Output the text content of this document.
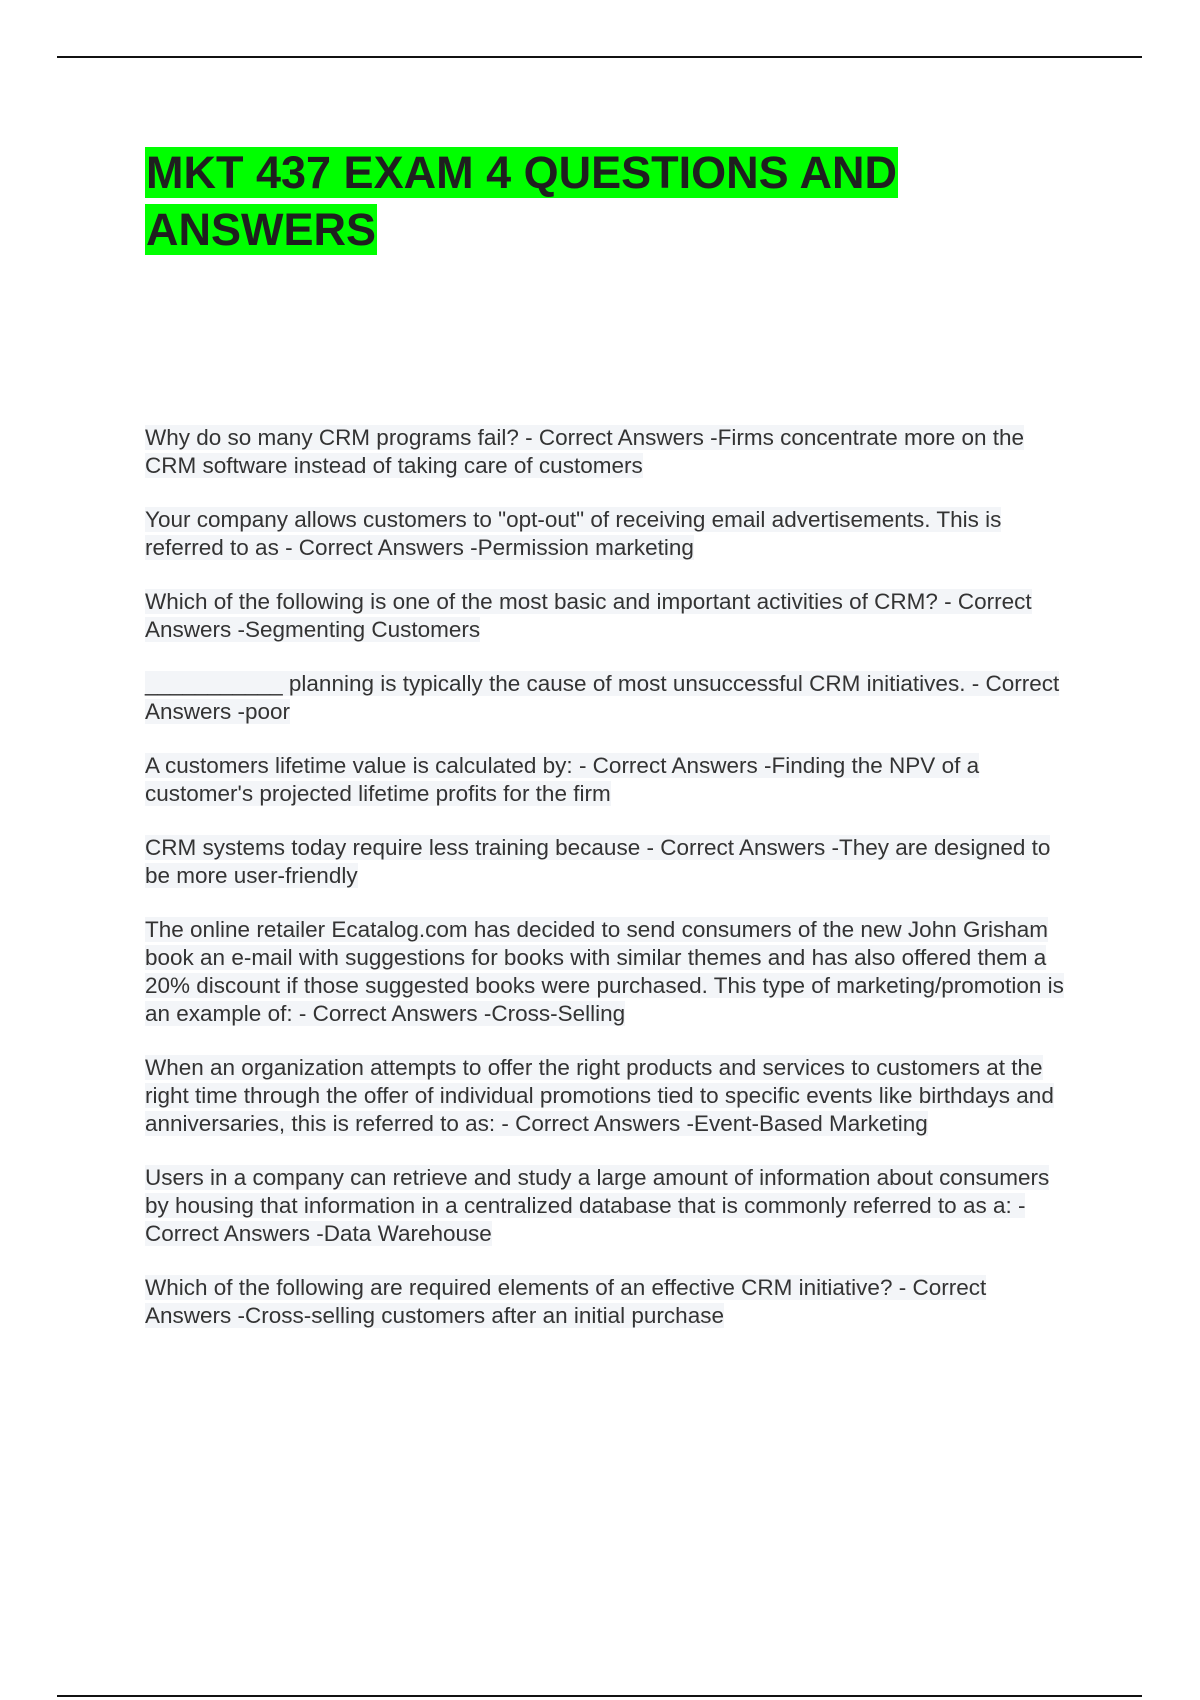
MKT 437 EXAM 4 QUESTIONS AND ANSWERS
Why do so many CRM programs fail? - Correct Answers -Firms concentrate more on the CRM software instead of taking care of customers
Your company allows customers to "opt-out" of receiving email advertisements. This is referred to as - Correct Answers -Permission marketing
Which of the following is one of the most basic and important activities of CRM? - Correct Answers -Segmenting Customers
___________ planning is typically the cause of most unsuccessful CRM initiatives. - Correct Answers -poor
A customers lifetime value is calculated by: - Correct Answers -Finding the NPV of a customer's projected lifetime profits for the firm
CRM systems today require less training because - Correct Answers -They are designed to be more user-friendly
The online retailer Ecatalog.com has decided to send consumers of the new John Grisham book an e-mail with suggestions for books with similar themes and has also offered them a 20% discount if those suggested books were purchased. This type of marketing/promotion is an example of: - Correct Answers -Cross-Selling
When an organization attempts to offer the right products and services to customers at the right time through the offer of individual promotions tied to specific events like birthdays and anniversaries, this is referred to as: - Correct Answers -Event-Based Marketing
Users in a company can retrieve and study a large amount of information about consumers by housing that information in a centralized database that is commonly referred to as a: - Correct Answers -Data Warehouse
Which of the following are required elements of an effective CRM initiative? - Correct Answers -Cross-selling customers after an initial purchase
